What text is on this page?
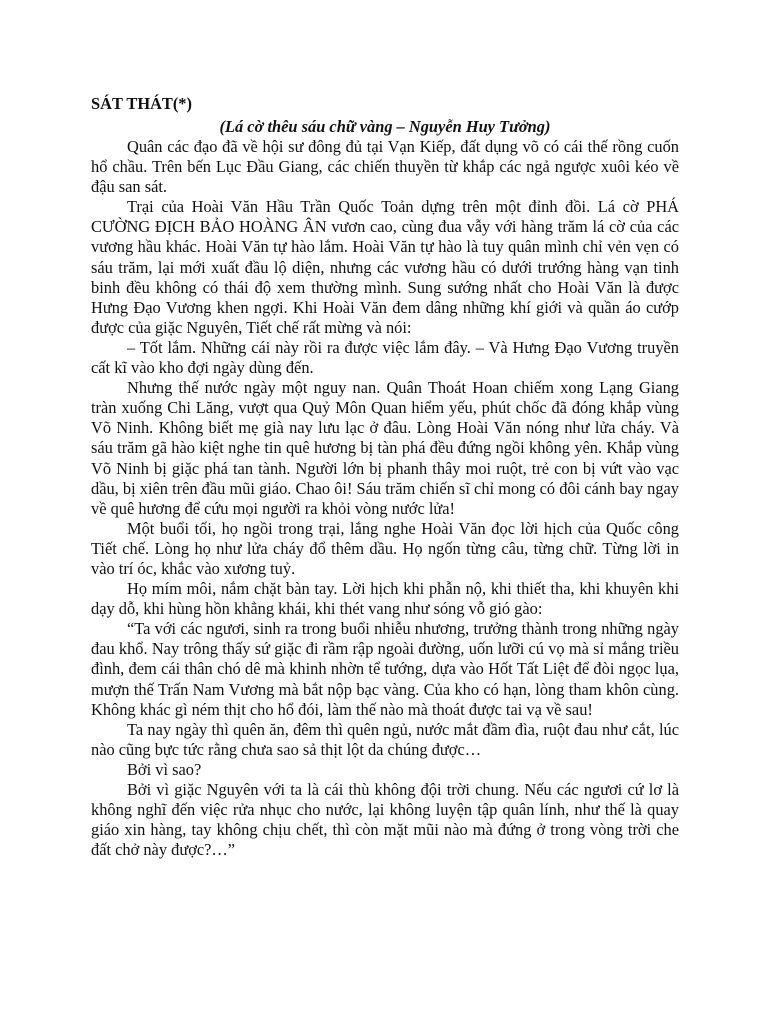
SÁT THÁT(*)

(Lá cờ thêu sáu chữ vàng – Nguyễn Huy Tưởng)

Quân các đạo đã về hội sư đông đủ tại Vạn Kiếp, đất dụng võ có cái thế rồng cuốn hổ chầu. Trên bến Lục Đầu Giang, các chiến thuyền từ khắp các ngả ngược xuôi kéo về đậu san sát.

Trại của Hoài Văn Hầu Trần Quốc Toản dựng trên một đỉnh đồi. Lá cờ PHÁ CƯỜNG ĐỊCH BẢO HOÀNG ÂN vươn cao, cùng đua vẫy với hàng trăm lá cờ của các vương hầu khác. Hoài Văn tự hào lắm. Hoài Văn tự hào là tuy quân mình chỉ vẻn vẹn có sáu trăm, lại mới xuất đầu lộ diện, nhưng các vương hầu có dưới trướng hàng vạn tinh binh đều không có thái độ xem thường mình. Sung sướng nhất cho Hoài Văn là được Hưng Đạo Vương khen ngợi. Khi Hoài Văn đem dâng những khí giới và quần áo cướp được của giặc Nguyên, Tiết chế rất mừng và nói:

– Tốt lắm. Những cái này rồi ra được việc lắm đây. – Và Hưng Đạo Vương truyền cất kĩ vào kho đợi ngày dùng đến.

Nhưng thế nước ngày một nguy nan. Quân Thoát Hoan chiếm xong Lạng Giang tràn xuống Chi Lăng, vượt qua Quỷ Môn Quan hiểm yếu, phút chốc đã đóng khắp vùng Võ Ninh. Không biết mẹ già nay lưu lạc ở đâu. Lòng Hoài Văn nóng như lửa cháy. Và sáu trăm gã hào kiệt nghe tin quê hương bị tàn phá đều đứng ngồi không yên. Khắp vùng Võ Ninh bị giặc phá tan tành. Người lớn bị phanh thây moi ruột, trẻ con bị vứt vào vạc dầu, bị xiên trên đầu mũi giáo. Chao ôi! Sáu trăm chiến sĩ chỉ mong có đôi cánh bay ngay về quê hương để cứu mọi người ra khỏi vòng nước lửa!

Một buổi tối, họ ngồi trong trại, lắng nghe Hoài Văn đọc lời hịch của Quốc công Tiết chế. Lòng họ như lửa cháy đổ thêm dầu. Họ ngốn từng câu, từng chữ. Từng lời in vào trí óc, khắc vào xương tuỷ.

Họ mím môi, nắm chặt bàn tay. Lời hịch khi phẫn nộ, khi thiết tha, khi khuyên khi dạy dỗ, khi hùng hồn khẳng khái, khi thét vang như sóng vỗ gió gào:

“Ta với các ngươi, sinh ra trong buổi nhiễu nhương, trưởng thành trong những ngày đau khổ. Nay trông thấy sứ giặc đi rầm rập ngoài đường, uốn lưỡi cú vọ mà sỉ mắng triều đình, đem cái thân chó dê mà khinh nhờn tể tướng, dựa vào Hốt Tất Liệt để đòi ngọc lụa, mượn thế Trấn Nam Vương mà bắt nộp bạc vàng. Của kho có hạn, lòng tham khôn cùng. Không khác gì ném thịt cho hổ đói, làm thế nào mà thoát được tai vạ về sau!

Ta nay ngày thì quên ăn, đêm thì quên ngủ, nước mắt đầm đìa, ruột đau như cắt, lúc nào cũng bực tức rằng chưa sao sả thịt lột da chúng được…

Bởi vì sao?

Bởi vì giặc Nguyên với ta là cái thù không đội trời chung. Nếu các ngươi cứ lơ là không nghĩ đến việc rửa nhục cho nước, lại không luyện tập quân lính, như thế là quay giáo xin hàng, tay không chịu chết, thì còn mặt mũi nào mà đứng ở trong vòng trời che đất chở này được?…”
